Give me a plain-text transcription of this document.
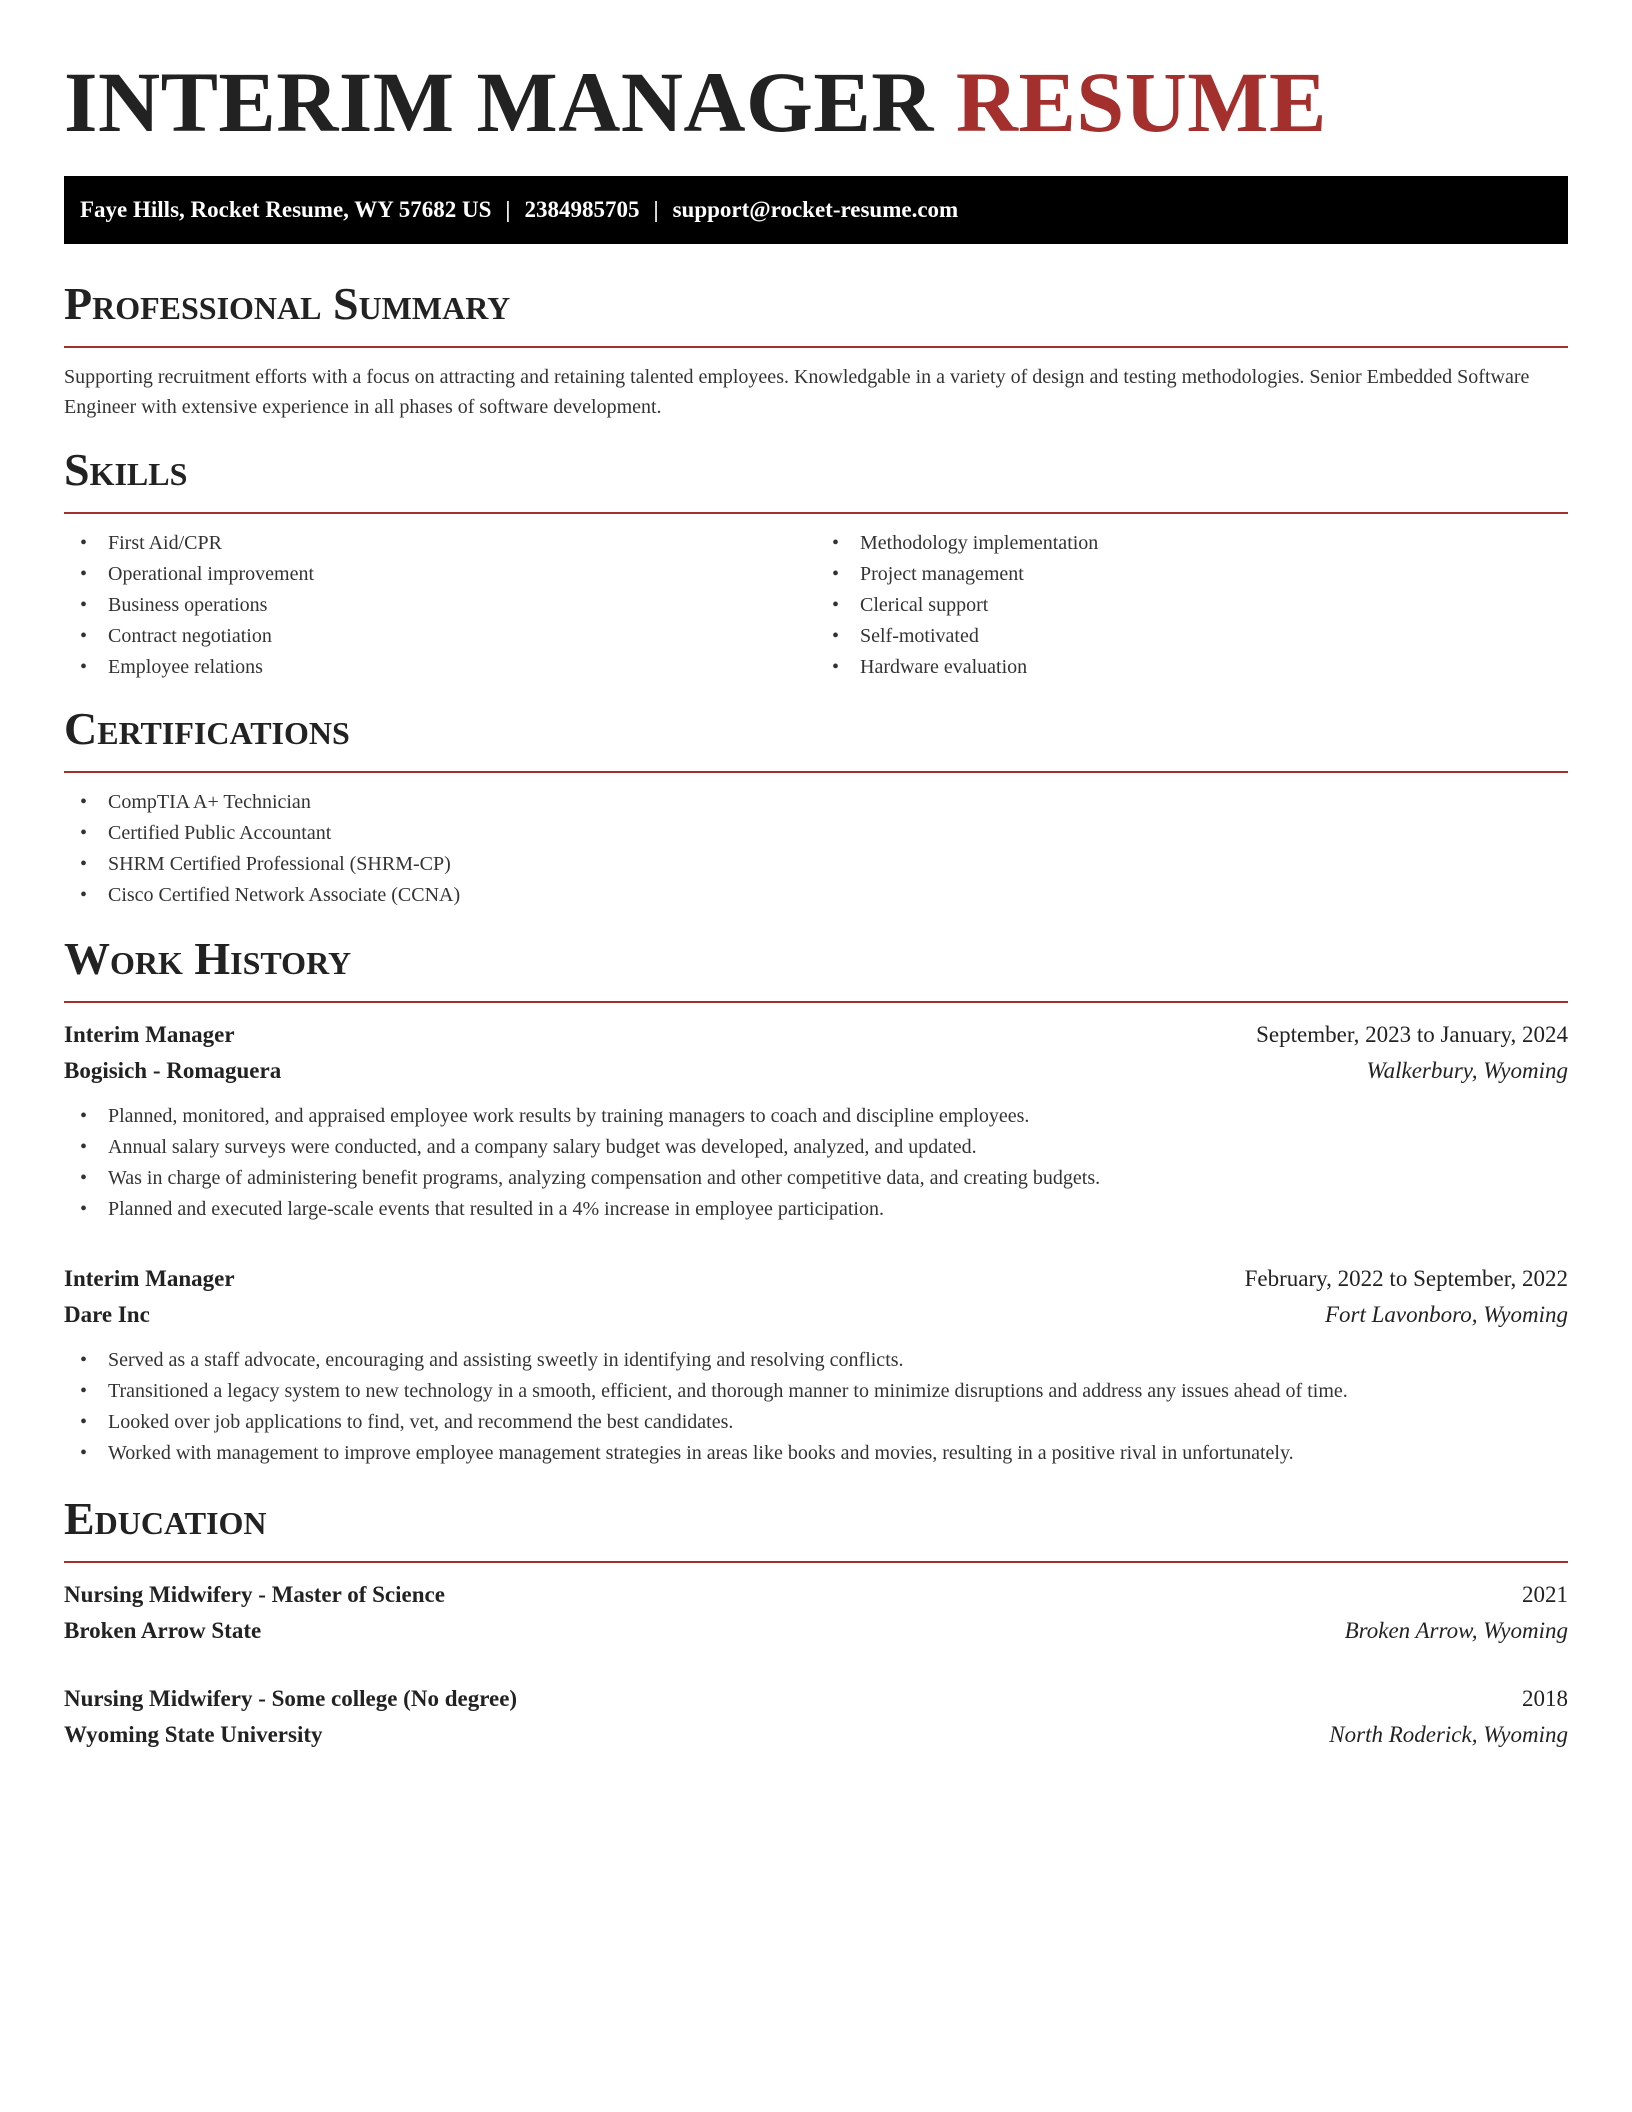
INTERIM MANAGER RESUME
Faye Hills, Rocket Resume, WY 57682 US | 2384985705 | support@rocket-resume.com
Professional Summary

Supporting recruitment efforts with a focus on attracting and retaining talented employees. Knowledgable in a variety of design and testing methodologies. Senior Embedded Software Engineer with extensive experience in all phases of software development.

Skills
• First Aid/CPR
• Operational improvement
• Business operations
• Contract negotiation
• Employee relations
• Methodology implementation
• Project management
• Clerical support
• Self-motivated
• Hardware evaluation
Certifications
• CompTIA A+ Technician
• Certified Public Accountant
• SHRM Certified Professional (SHRM-CP)
• Cisco Certified Network Associate (CCNA)
Work History
Interim Manager	September, 2023 to January, 2024
Bogisich - Romaguera	Walkerbury, Wyoming
• Planned, monitored, and appraised employee work results by training managers to coach and discipline employees.
• Annual salary surveys were conducted, and a company salary budget was developed, analyzed, and updated.
• Was in charge of administering benefit programs, analyzing compensation and other competitive data, and creating budgets.
• Planned and executed large-scale events that resulted in a 4% increase in employee participation.
Interim Manager	February, 2022 to September, 2022
Dare Inc	Fort Lavonboro, Wyoming
• Served as a staff advocate, encouraging and assisting sweetly in identifying and resolving conflicts.
• Transitioned a legacy system to new technology in a smooth, efficient, and thorough manner to minimize disruptions and address any issues ahead of time.
• Looked over job applications to find, vet, and recommend the best candidates.
• Worked with management to improve employee management strategies in areas like books and movies, resulting in a positive rival in unfortunately.
Education
Nursing Midwifery - Master of Science	2021
Broken Arrow State	Broken Arrow, Wyoming
Nursing Midwifery - Some college (No degree)	2018
Wyoming State University	North Roderick, Wyoming
